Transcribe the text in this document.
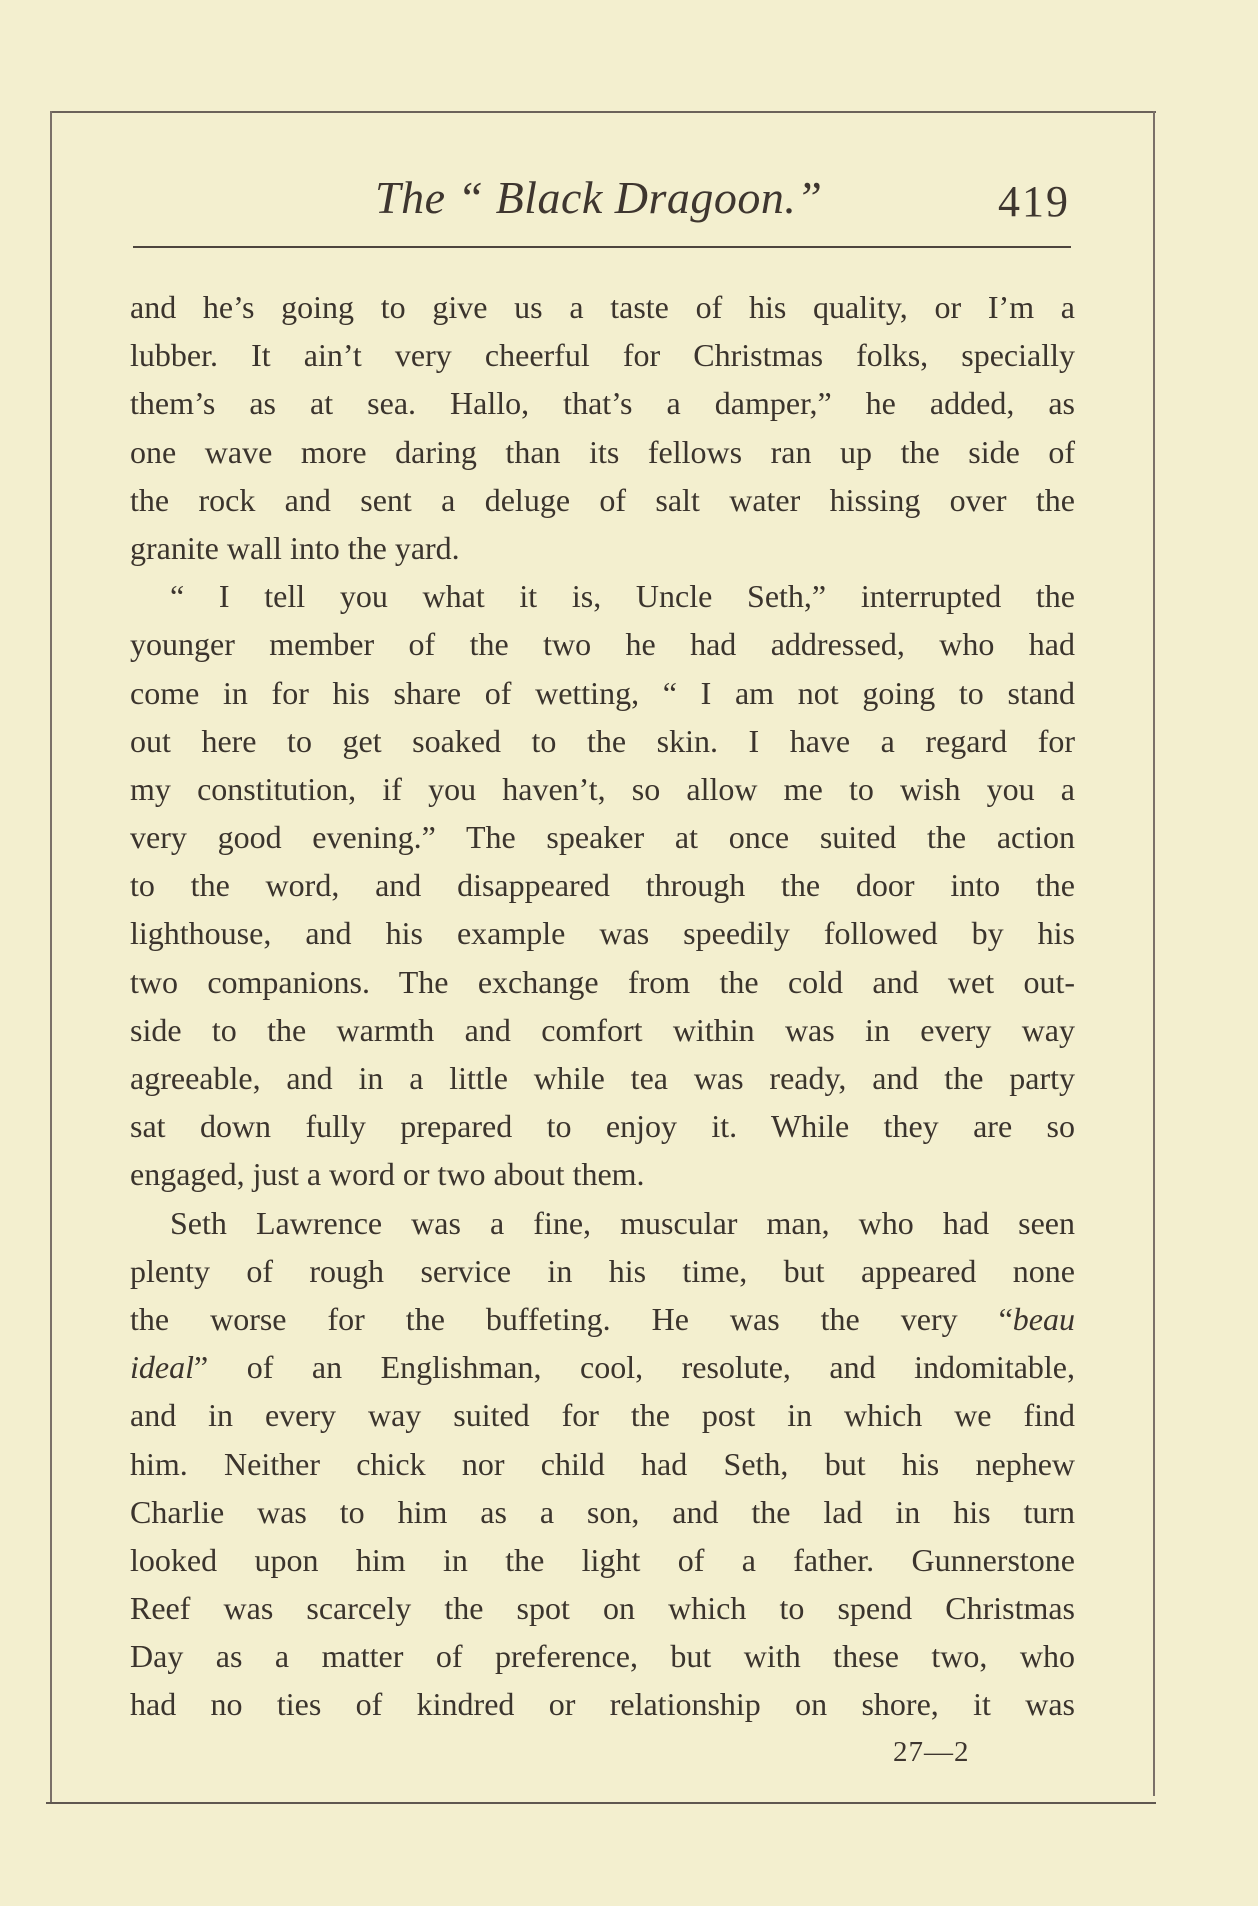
The “ Black Dragoon.”	419
and he’s going to give us a taste of his quality, or I’m a
lubber. It ain’t very cheerful for Christmas folks, specially
them’s as at sea. Hallo, that’s a damper,” he added, as
one wave more daring than its fellows ran up the side of
the rock and sent a deluge of salt water hissing over the
granite wall into the yard.
“ I tell you what it is, Uncle Seth,” interrupted the
younger member of the two he had addressed, who had
come in for his share of wetting, “ I am not going to stand
out here to get soaked to the skin. I have a regard for
my constitution, if you haven’t, so allow me to wish you a
very good evening.” The speaker at once suited the action
to the word, and disappeared through the door into the
lighthouse, and his example was speedily followed by his
two companions. The exchange from the cold and wet out-
side to the warmth and comfort within was in every way
agreeable, and in a little while tea was ready, and the party
sat down fully prepared to enjoy it. While they are so
engaged, just a word or two about them.
Seth Lawrence was a fine, muscular man, who had seen
plenty of rough service in his time, but appeared none
the worse for the buffeting. He was the very “beau
ideal” of an Englishman, cool, resolute, and indomitable,
and in every way suited for the post in which we find
him. Neither chick nor child had Seth, but his nephew
Charlie was to him as a son, and the lad in his turn
looked upon him in the light of a father. Gunnerstone
Reef was scarcely the spot on which to spend Christmas
Day as a matter of preference, but with these two, who
had no ties of kindred or relationship on shore, it was
27—2
